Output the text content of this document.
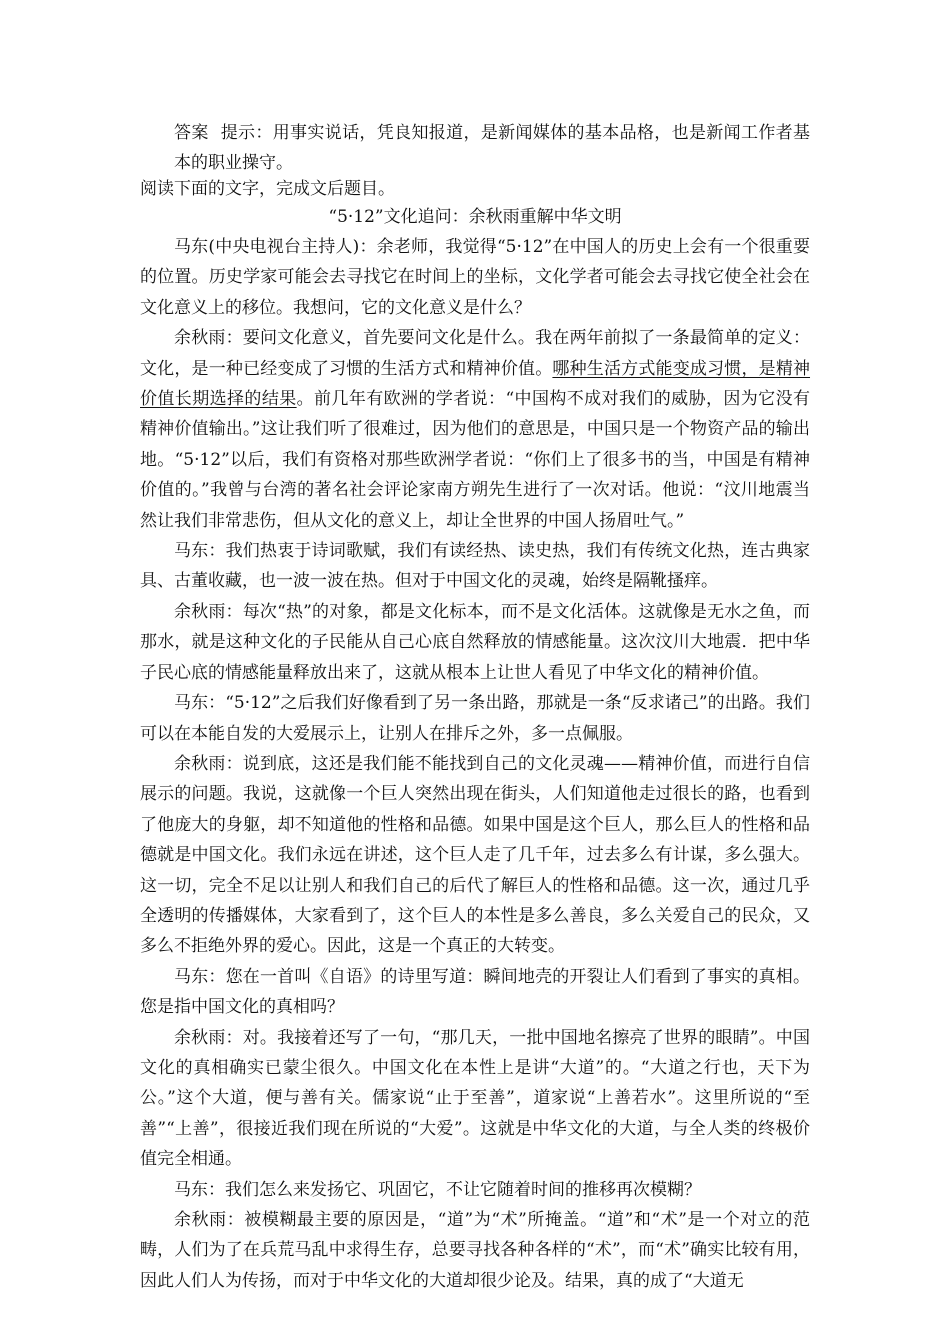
答案 提示：用事实说话，凭良知报道，是新闻媒体的基本品格，也是新闻工作者基本的职业操守。
阅读下面的文字，完成文后题目。
“5·12”文化追问：余秋雨重解中华文明

马东(中央电视台主持人)：余老师，我觉得“5·12”在中国人的历史上会有一个很重要的位置。历史学家可能会去寻找它在时间上的坐标，文化学者可能会去寻找它使全社会在文化意义上的移位。我想问，它的文化意义是什么？

余秋雨：要问文化意义，首先要问文化是什么。我在两年前拟了一条最简单的定义：文化，是一种已经变成了习惯的生活方式和精神价值。哪种生活方式能变成习惯，是精神价值长期选择的结果。前几年有欧洲的学者说：“中国构不成对我们的威胁，因为它没有精神价值输出。”这让我们听了很难过，因为他们的意思是，中国只是一个物资产品的输出地。“5·12”以后，我们有资格对那些欧洲学者说：“你们上了很多书的当，中国是有精神价值的。”我曾与台湾的著名社会评论家南方朔先生进行了一次对话。他说：“汶川地震当然让我们非常悲伤，但从文化的意义上，却让全世界的中国人扬眉吐气。”

马东：我们热衷于诗词歌赋，我们有读经热、读史热，我们有传统文化热，连古典家具、古董收藏，也一波一波在热。但对于中国文化的灵魂，始终是隔靴搔痒。

余秋雨：每次“热”的对象，都是文化标本，而不是文化活体。这就像是无水之鱼，而那水，就是这种文化的子民能从自己心底自然释放的情感能量。这次汶川大地震．把中华子民心底的情感能量释放出来了，这就从根本上让世人看见了中华文化的精神价值。

马东：“5·12”之后我们好像看到了另一条出路，那就是一条“反求诸己”的出路。我们可以在本能自发的大爱展示上，让别人在排斥之外，多一点佩服。

余秋雨：说到底，这还是我们能不能找到自己的文化灵魂——精神价值，而进行自信展示的问题。我说，这就像一个巨人突然出现在街头，人们知道他走过很长的路，也看到了他庞大的身躯，却不知道他的性格和品德。如果中国是这个巨人，那么巨人的性格和品德就是中国文化。我们永远在讲述，这个巨人走了几千年，过去多么有计谋，多么强大。这一切，完全不足以让别人和我们自己的后代了解巨人的性格和品德。这一次，通过几乎全透明的传播媒体，大家看到了，这个巨人的本性是多么善良，多么关爱自己的民众，又多么不拒绝外界的爱心。因此，这是一个真正的大转变。

马东：您在一首叫《自语》的诗里写道：瞬间地壳的开裂让人们看到了事实的真相。您是指中国文化的真相吗？

余秋雨：对。我接着还写了一句，“那几天，一批中国地名擦亮了世界的眼睛”。中国文化的真相确实已蒙尘很久。中国文化在本性上是讲“大道”的。“大道之行也，天下为公。”这个大道，便与善有关。儒家说“止于至善”，道家说“上善若水”。这里所说的“至善”“上善”，很接近我们现在所说的“大爱”。这就是中华文化的大道，与全人类的终极价值完全相通。

马东：我们怎么来发扬它、巩固它，不让它随着时间的推移再次模糊？

余秋雨：被模糊最主要的原因是，“道”为“术”所掩盖。“道”和“术”是一个对立的范畴，人们为了在兵荒马乱中求得生存，总要寻找各种各样的“术”，而“术”确实比较有用，因此人们人为传扬，而对于中华文化的大道却很少论及。结果，真的成了“大道无
